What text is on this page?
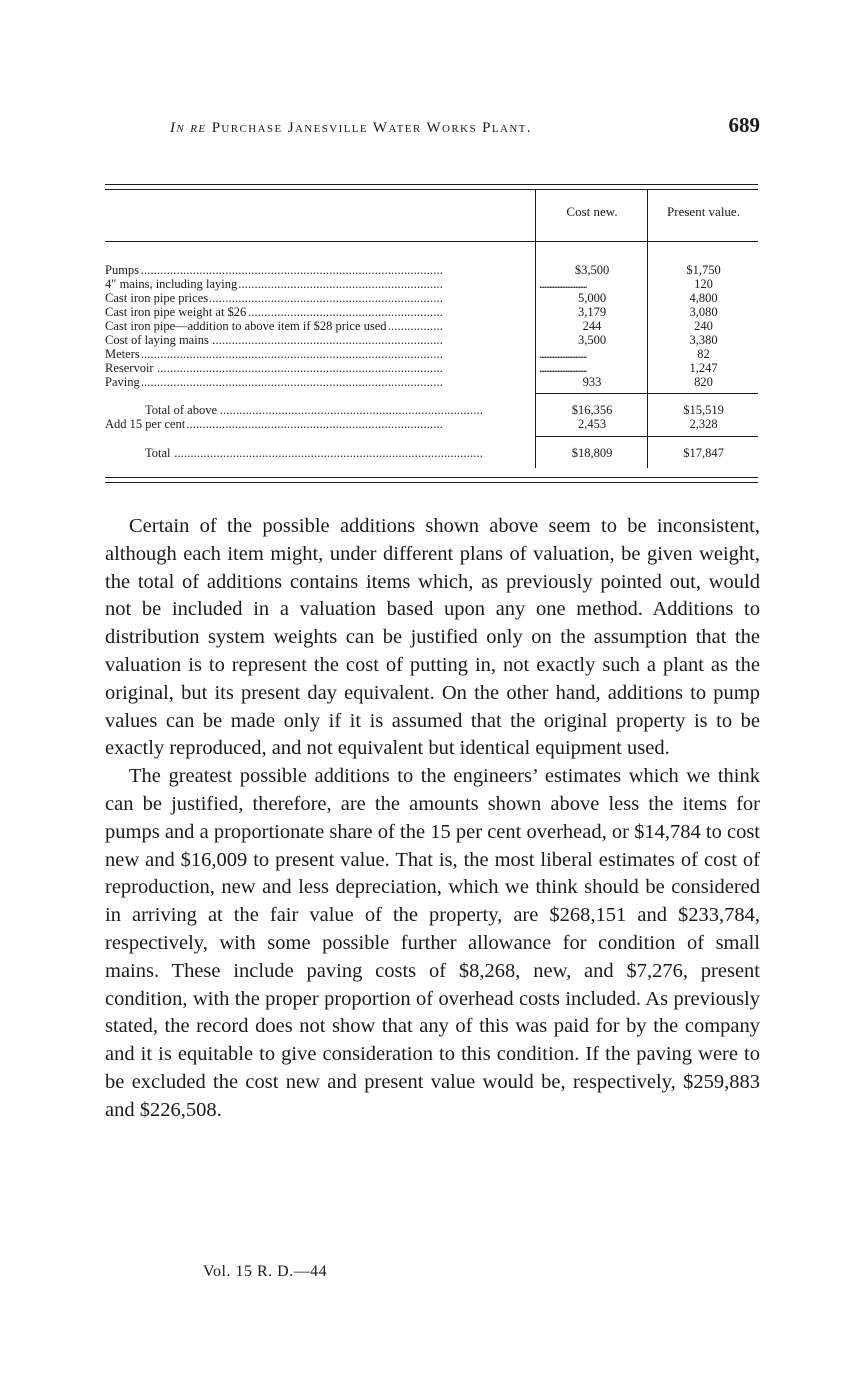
In re Purchase Janesville Water Works Plant.	689
Cost new.	Present value.
Pumps . . .	$3,500	$1,750
4″ mains, including laying . . .	.............................	120
Cast iron pipe prices . . .	5,000	4,800
Cast iron pipe weight at $26 . . .	3,179	3,080
Cast iron pipe—addition to above item if $28 price used . . .	244	240
Cost of laying mains . . .	3,500	3,380
Meters . . .	.............................	82
Reservoir . . .	.............................	1,247
Paving . . .	933	820
Total of above . . .	$16,356	$15,519
Add 15 per cent . . .	2,453	2,328
Total . . .	$18,809	$17,847

Certain of the possible additions shown above seem to be inconsistent, although each item might, under different plans of valuation, be given weight, the total of additions contains items which, as previously pointed out, would not be included in a valuation based upon any one method. Additions to distribution system weights can be justified only on the assumption that the valuation is to represent the cost of putting in, not exactly such a plant as the original, but its present day equivalent. On the other hand, additions to pump values can be made only if it is assumed that the original property is to be exactly reproduced, and not equivalent but identical equipment used.

The greatest possible additions to the engineers’ estimates which we think can be justified, therefore, are the amounts shown above less the items for pumps and a proportionate share of the 15 per cent overhead, or $14,784 to cost new and $16,009 to present value. That is, the most liberal estimates of cost of reproduction, new and less depreciation, which we think should be considered in arriving at the fair value of the property, are $268,151 and $233,784, respectively, with some possible further allowance for condition of small mains. These include paving costs of $8,268, new, and $7,276, present condition, with the proper proportion of overhead costs included. As previously stated, the record does not show that any of this was paid for by the company and it is equitable to give consideration to this condition. If the paving were to be excluded the cost new and present value would be, respectively, $259,883 and $226,508.

Vol. 15 R. D.—44
